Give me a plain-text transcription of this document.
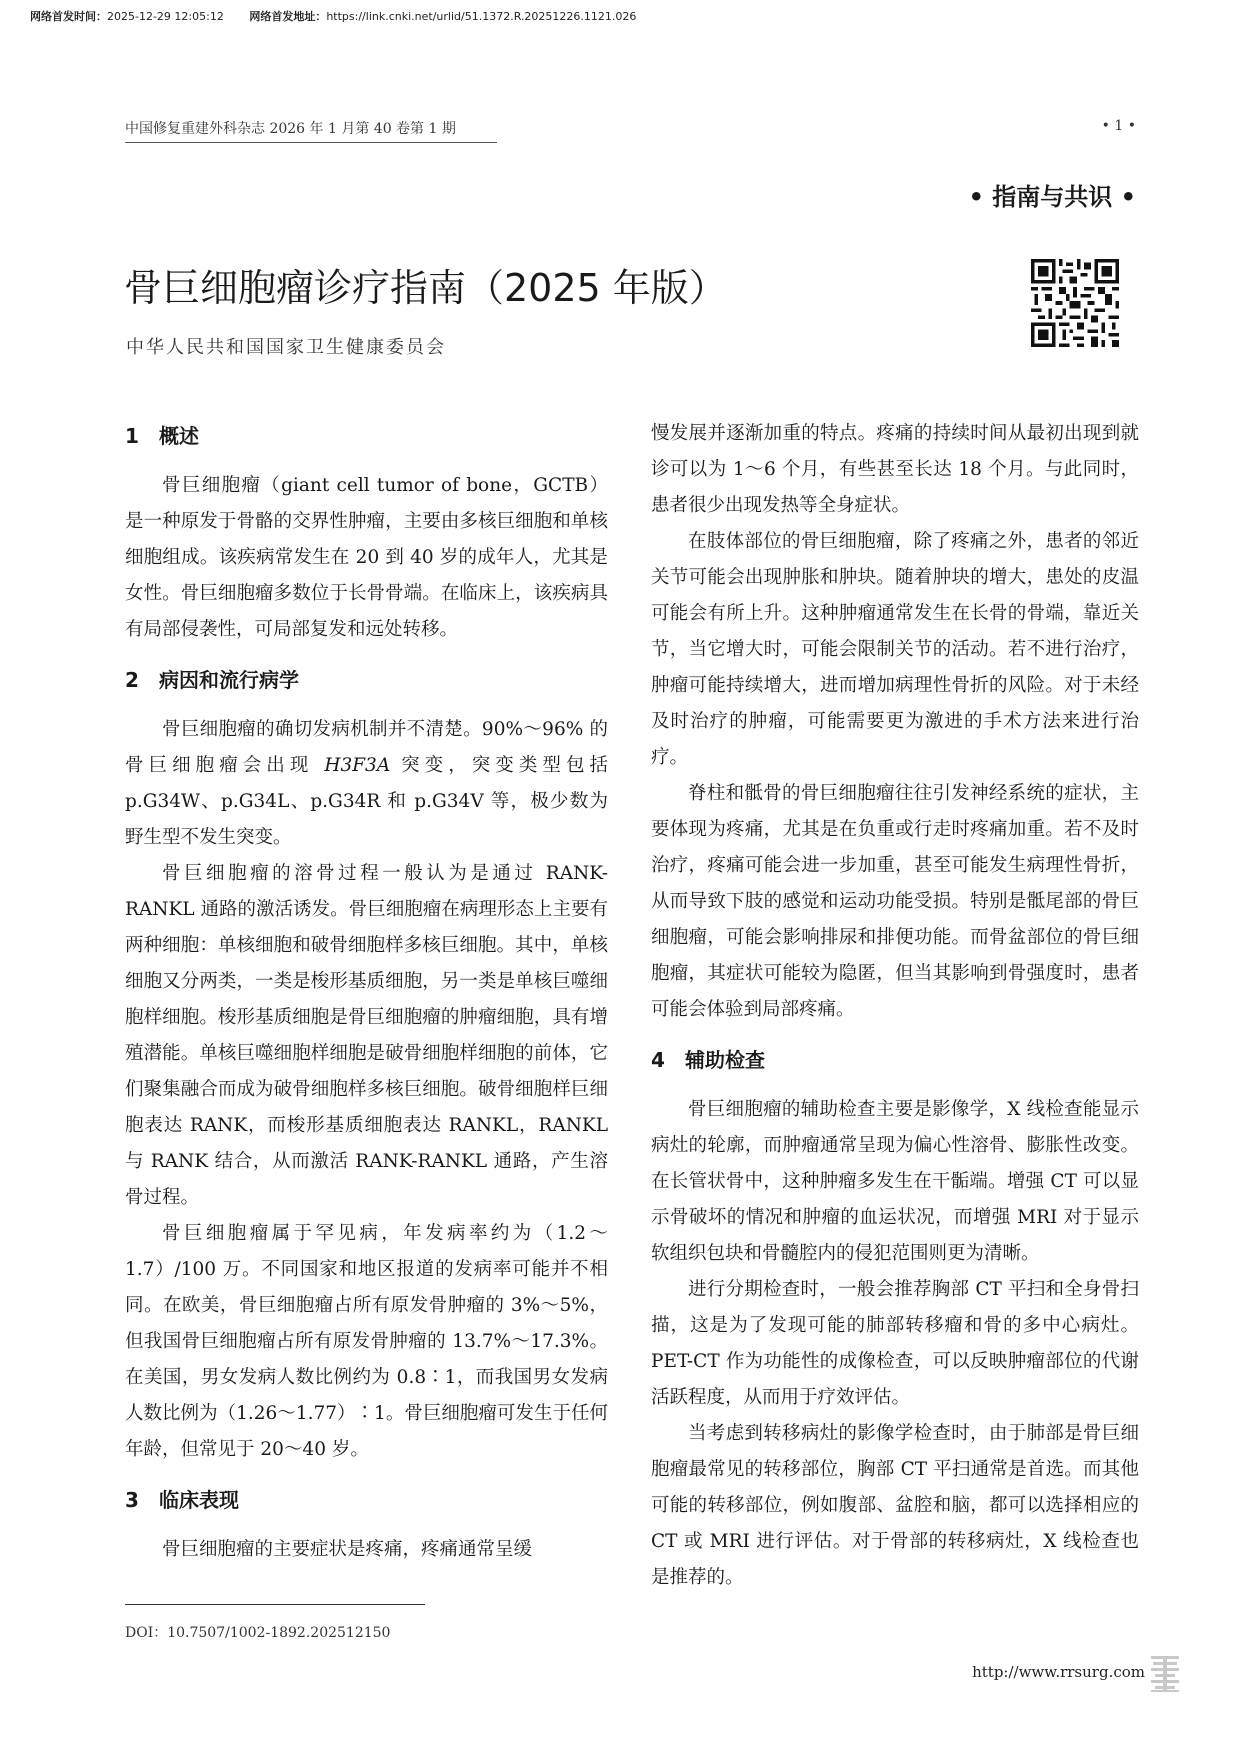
网络首发时间：2025-12-29 12:05:12 网络首发地址：https://link.cnki.net/urlid/51.1372.R.20251226.1121.026
中国修复重建外科杂志 2026 年 1 月第 40 卷第 1 期	• 1 •
• 指南与共识 •
骨巨细胞瘤诊疗指南（2025 年版）
中华人民共和国国家卫生健康委员会
1 概述

骨巨细胞瘤（giant cell tumor of bone，GCTB）是一种原发于骨骼的交界性肿瘤，主要由多核巨细胞和单核细胞组成。该疾病常发生在 20 到 40 岁的成年人，尤其是女性。骨巨细胞瘤多数位于长骨骨端。在临床上，该疾病具有局部侵袭性，可局部复发和远处转移。

2 病因和流行病学

骨巨细胞瘤的确切发病机制并不清楚。90%～96% 的骨巨细胞瘤会出现 H3F3A 突变，突变类型包括 p.G34W、p.G34L、p.G34R 和 p.G34V 等，极少数为野生型不发生突变。

骨巨细胞瘤的溶骨过程一般认为是通过 RANK-RANKL 通路的激活诱发。骨巨细胞瘤在病理形态上主要有两种细胞：单核细胞和破骨细胞样多核巨细胞。其中，单核细胞又分两类，一类是梭形基质细胞，另一类是单核巨噬细胞样细胞。梭形基质细胞是骨巨细胞瘤的肿瘤细胞，具有增殖潜能。单核巨噬细胞样细胞是破骨细胞样细胞的前体，它们聚集融合而成为破骨细胞样多核巨细胞。破骨细胞样巨细胞表达 RANK，而梭形基质细胞表达 RANKL，RANKL 与 RANK 结合，从而激活 RANK-RANKL 通路，产生溶骨过程。

骨巨细胞瘤属于罕见病，年发病率约为（1.2～1.7）/100 万。不同国家和地区报道的发病率可能并不相同。在欧美，骨巨细胞瘤占所有原发骨肿瘤的 3%～5%，但我国骨巨细胞瘤占所有原发骨肿瘤的 13.7%～17.3%。在美国，男女发病人数比例约为 0.8∶1，而我国男女发病人数比例为（1.26～1.77）∶1。骨巨细胞瘤可发生于任何年龄，但常见于 20～40 岁。

3 临床表现

骨巨细胞瘤的主要症状是疼痛，疼痛通常呈缓

慢发展并逐渐加重的特点。疼痛的持续时间从最初出现到就诊可以为 1～6 个月，有些甚至长达 18 个月。与此同时，患者很少出现发热等全身症状。

在肢体部位的骨巨细胞瘤，除了疼痛之外，患者的邻近关节可能会出现肿胀和肿块。随着肿块的增大，患处的皮温可能会有所上升。这种肿瘤通常发生在长骨的骨端，靠近关节，当它增大时，可能会限制关节的活动。若不进行治疗，肿瘤可能持续增大，进而增加病理性骨折的风险。对于未经及时治疗的肿瘤，可能需要更为激进的手术方法来进行治疗。

脊柱和骶骨的骨巨细胞瘤往往引发神经系统的症状，主要体现为疼痛，尤其是在负重或行走时疼痛加重。若不及时治疗，疼痛可能会进一步加重，甚至可能发生病理性骨折，从而导致下肢的感觉和运动功能受损。特别是骶尾部的骨巨细胞瘤，可能会影响排尿和排便功能。而骨盆部位的骨巨细胞瘤，其症状可能较为隐匿，但当其影响到骨强度时，患者可能会体验到局部疼痛。

4 辅助检查

骨巨细胞瘤的辅助检查主要是影像学，X 线检查能显示病灶的轮廓，而肿瘤通常呈现为偏心性溶骨、膨胀性改变。在长管状骨中，这种肿瘤多发生在干骺端。增强 CT 可以显示骨破坏的情况和肿瘤的血运状况，而增强 MRI 对于显示软组织包块和骨髓腔内的侵犯范围则更为清晰。

进行分期检查时，一般会推荐胸部 CT 平扫和全身骨扫描，这是为了发现可能的肺部转移瘤和骨的多中心病灶。PET-CT 作为功能性的成像检查，可以反映肿瘤部位的代谢活跃程度，从而用于疗效评估。

当考虑到转移病灶的影像学检查时，由于肺部是骨巨细胞瘤最常见的转移部位，胸部 CT 平扫通常是首选。而其他可能的转移部位，例如腹部、盆腔和脑，都可以选择相应的 CT 或 MRI 进行评估。对于骨部的转移病灶，X 线检查也是推荐的。

DOI：10.7507/1002-1892.202512150
http://www.rrsurg.com
